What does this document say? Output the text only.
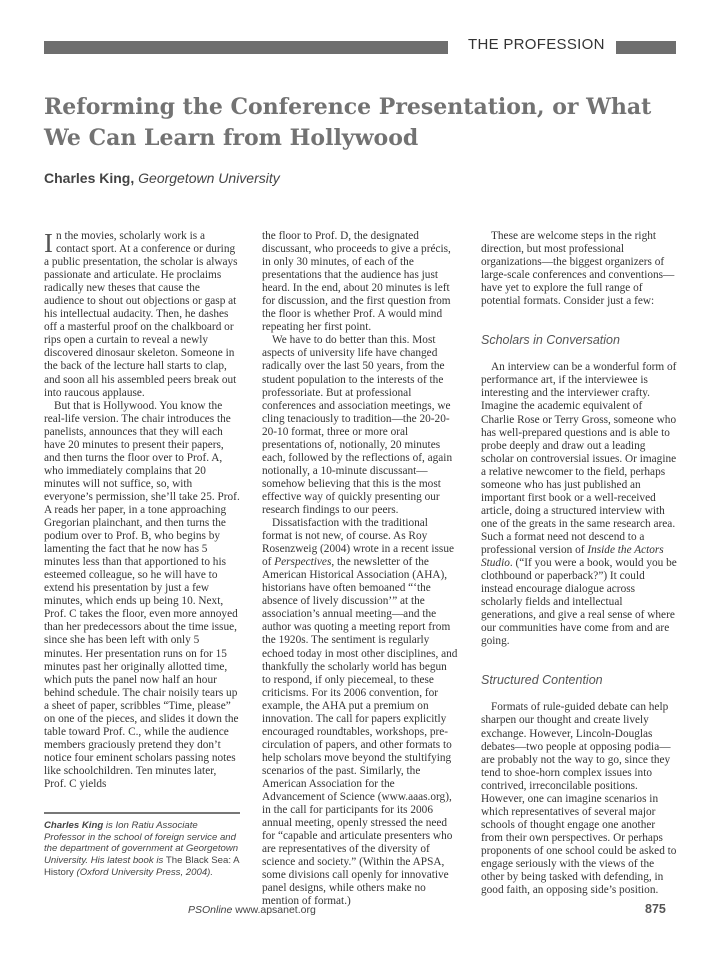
THE PROFESSION
Reforming the Conference Presentation, or What We Can Learn from Hollywood
Charles King, Georgetown University

In the movies, scholarly work is a contact sport. At a conference or during a public presentation, the scholar is always passionate and articulate. He proclaims radically new theses that cause the audience to shout out objections or gasp at his intellectual audacity. Then, he dashes off a masterful proof on the chalkboard or rips open a curtain to reveal a newly discovered dinosaur skeleton. Someone in the back of the lecture hall starts to clap, and soon all his assembled peers break out into raucous applause.

But that is Hollywood. You know the real-life version. The chair introduces the panelists, announces that they will each have 20 minutes to present their papers, and then turns the floor over to Prof. A, who immediately complains that 20 minutes will not suffice, so, with everyone’s permission, she’ll take 25. Prof. A reads her paper, in a tone approaching Gregorian plainchant, and then turns the podium over to Prof. B, who begins by lamenting the fact that he now has 5 minutes less than that apportioned to his esteemed colleague, so he will have to extend his presentation by just a few minutes, which ends up being 10. Next, Prof. C takes the floor, even more annoyed than her predecessors about the time issue, since she has been left with only 5 minutes. Her presentation runs on for 15 minutes past her originally allotted time, which puts the panel now half an hour behind schedule. The chair noisily tears up a sheet of paper, scribbles “Time, please” on one of the pieces, and slides it down the table toward Prof. C., while the audience members graciously pretend they don’t notice four eminent scholars passing notes like schoolchildren. Ten minutes later, Prof. C yields

the floor to Prof. D, the designated discussant, who proceeds to give a précis, in only 30 minutes, of each of the presentations that the audience has just heard. In the end, about 20 minutes is left for discussion, and the first question from the floor is whether Prof. A would mind repeating her first point.

We have to do better than this. Most aspects of university life have changed radically over the last 50 years, from the student population to the interests of the professoriate. But at professional conferences and association meetings, we cling tenaciously to tradition—the 20-20-20-10 format, three or more oral presentations of, notionally, 20 minutes each, followed by the reflections of, again notionally, a 10-minute discussant—somehow believing that this is the most effective way of quickly presenting our research findings to our peers.

Dissatisfaction with the traditional format is not new, of course. As Roy Rosenzweig (2004) wrote in a recent issue of Perspectives, the newsletter of the American Historical Association (AHA), historians have often bemoaned “‘the absence of lively discussion’” at the association’s annual meeting—and the author was quoting a meeting report from the 1920s. The sentiment is regularly echoed today in most other disciplines, and thankfully the scholarly world has begun to respond, if only piecemeal, to these criticisms. For its 2006 convention, for example, the AHA put a premium on innovation. The call for papers explicitly encouraged roundtables, workshops, pre-circulation of papers, and other formats to help scholars move beyond the stultifying scenarios of the past. Similarly, the American Association for the Advancement of Science (www.aaas.org), in the call for participants for its 2006 annual meeting, openly stressed the need for “capable and articulate presenters who are representatives of the diversity of science and society.” (Within the APSA, some divisions call openly for innovative panel designs, while others make no mention of format.)

These are welcome steps in the right direction, but most professional organizations—the biggest organizers of large-scale conferences and conventions—have yet to explore the full range of potential formats. Consider just a few:

Scholars in Conversation

An interview can be a wonderful form of performance art, if the interviewee is interesting and the interviewer crafty. Imagine the academic equivalent of Charlie Rose or Terry Gross, someone who has well-prepared questions and is able to probe deeply and draw out a leading scholar on controversial issues. Or imagine a relative newcomer to the field, perhaps someone who has just published an important first book or a well-received article, doing a structured interview with one of the greats in the same research area. Such a format need not descend to a professional version of Inside the Actors Studio. (“If you were a book, would you be clothbound or paperback?”) It could instead encourage dialogue across scholarly fields and intellectual generations, and give a real sense of where our communities have come from and are going.

Structured Contention

Formats of rule-guided debate can help sharpen our thought and create lively exchange. However, Lincoln-Douglas debates—two people at opposing podia—are probably not the way to go, since they tend to shoe-horn complex issues into contrived, irreconcilable positions. However, one can imagine scenarios in which representatives of several major schools of thought engage one another from their own perspectives. Or perhaps proponents of one school could be asked to engage seriously with the views of the other by being tasked with defending, in good faith, an opposing side’s position.

Charles King is Ion Ratiu Associate Professor in the school of foreign service and the department of government at Georgetown University. His latest book is The Black Sea: A History (Oxford University Press, 2004).

PSOnline www.apsanet.org	875
